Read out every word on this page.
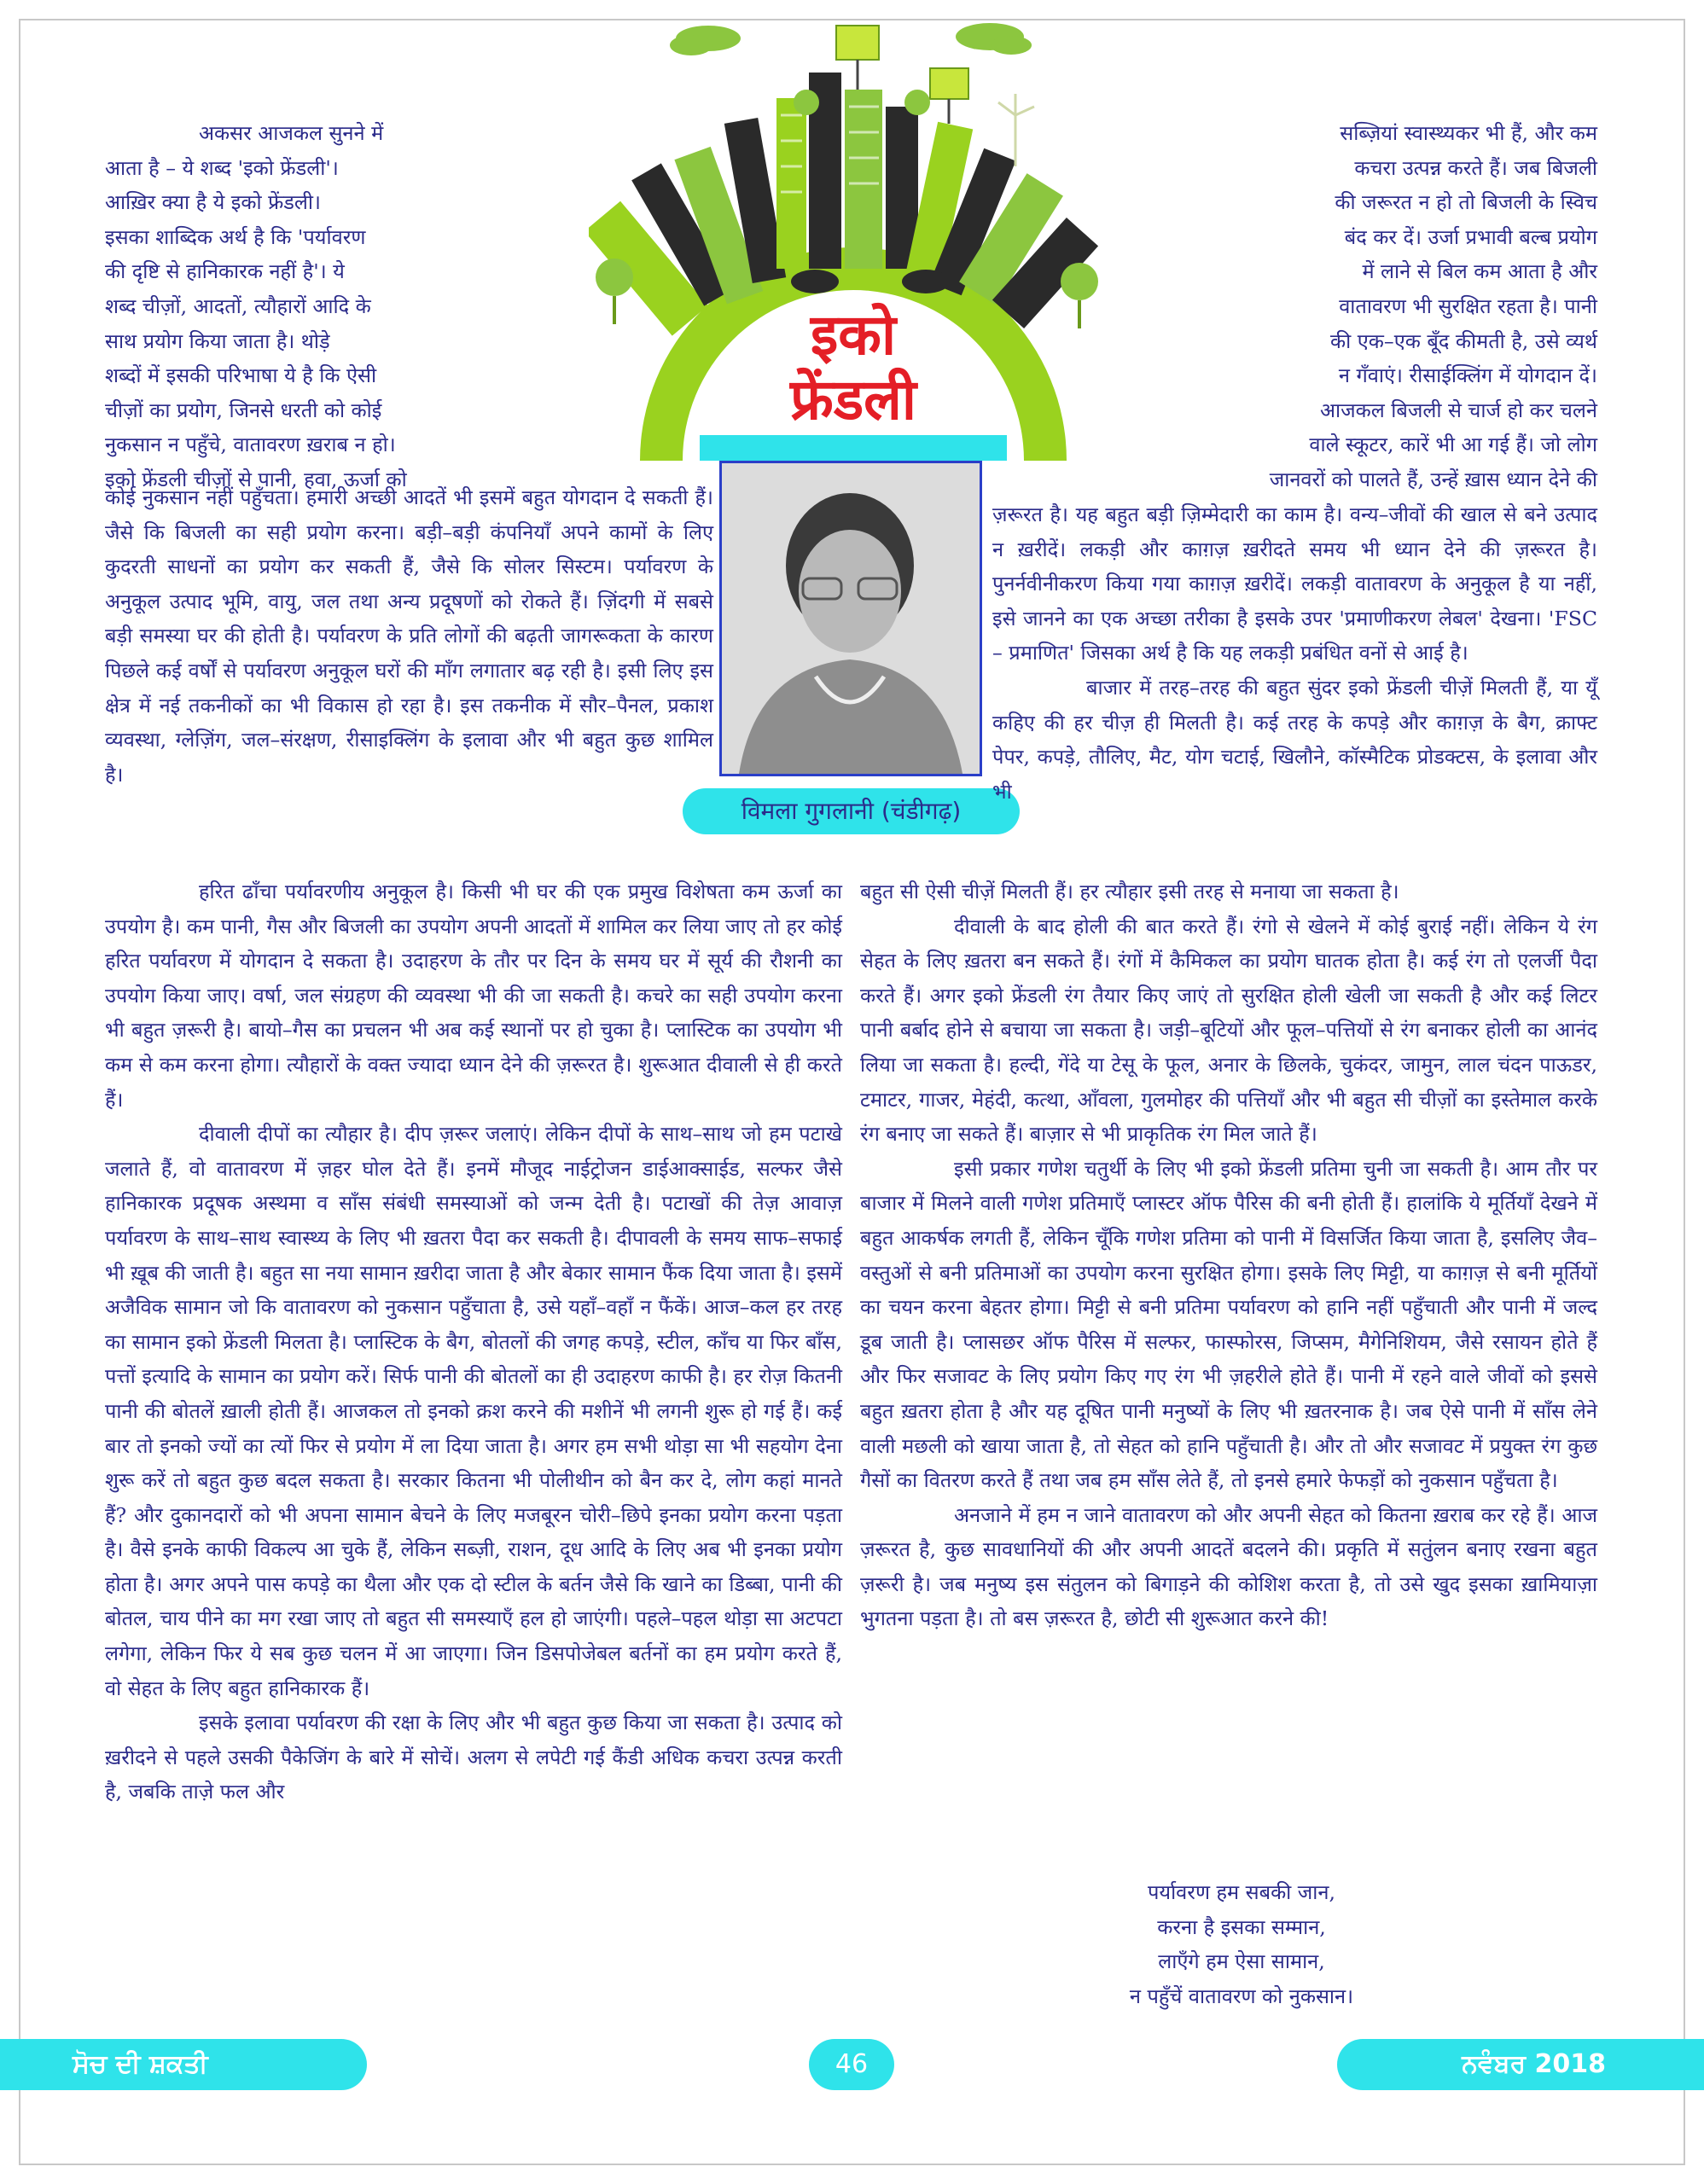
इको
फ्रेंडली
विमला गुगलानी (चंडीगढ़)

अकसर आजकल सुनने में

आता है – ये शब्द 'इको फ्रेंडली'।

आख़िर क्या है ये इको फ्रेंडली।

इसका शाब्दिक अर्थ है कि 'पर्यावरण

की दृष्टि से हानिकारक नहीं है'। ये

शब्द चीज़ों, आदतों, त्यौहारों आदि के

साथ प्रयोग किया जाता है। थोड़े

शब्दों में इसकी परिभाषा ये है कि ऐसी

चीज़ों का प्रयोग, जिनसे धरती को कोई

नुकसान न पहुँचे, वातावरण ख़राब न हो।

इको फ्रेंडली चीज़ों से पानी, हवा, ऊर्जा को

कोई नुकसान नहीं पहुँचता। हमारी अच्छी आदतें भी इसमें बहुत योगदान दे सकती हैं। जैसे कि बिजली का सही प्रयोग करना। बड़ी–बड़ी कंपनियाँ अपने कामों के लिए कुदरती साधनों का प्रयोग कर सकती हैं, जैसे कि सोलर सिस्टम। पर्यावरण के अनुकूल उत्पाद भूमि, वायु, जल तथा अन्य प्रदूषणों को रोकते हैं। ज़िंदगी में सबसे बड़ी समस्या घर की होती है। पर्यावरण के प्रति लोगों की बढ़ती जागरूकता के कारण पिछले कई वर्षों से पर्यावरण अनुकूल घरों की माँग लगातार बढ़ रही है। इसी लिए इस क्षेत्र में नई तकनीकों का भी विकास हो रहा है। इस तकनीक में सौर–पैनल, प्रकाश व्यवस्था, ग्लेज़िंग, जल–संरक्षण, रीसाइक्लिंग के इलावा और भी बहुत कुछ शामिल है।

हरित ढाँचा पर्यावरणीय अनुकूल है। किसी भी घर की एक प्रमुख विशेषता कम ऊर्जा का उपयोग है। कम पानी, गैस और बिजली का उपयोग अपनी आदतों में शामिल कर लिया जाए तो हर कोई हरित पर्यावरण में योगदान दे सकता है। उदाहरण के तौर पर दिन के समय घर में सूर्य की रौशनी का उपयोग किया जाए। वर्षा, जल संग्रहण की व्यवस्था भी की जा सकती है। कचरे का सही उपयोग करना भी बहुत ज़रूरी है। बायो–गैस का प्रचलन भी अब कई स्थानों पर हो चुका है। प्लास्टिक का उपयोग भी कम से कम करना होगा। त्यौहारों के वक्त ज्यादा ध्यान देने की ज़रूरत है। शुरूआत दीवाली से ही करते हैं।

दीवाली दीपों का त्यौहार है। दीप ज़रूर जलाएं। लेकिन दीपों के साथ–साथ जो हम पटाखे जलाते हैं, वो वातावरण में ज़हर घोल देते हैं। इनमें मौजूद नाईट्रोजन डाईआक्साईड, सल्फर जैसे हानिकारक प्रदूषक अस्थमा व साँस संबंधी समस्याओं को जन्म देती है। पटाखों की तेज़ आवाज़ पर्यावरण के साथ–साथ स्वास्थ्य के लिए भी ख़तरा पैदा कर सकती है। दीपावली के समय साफ–सफाई भी ख़ूब की जाती है। बहुत सा नया सामान ख़रीदा जाता है और बेकार सामान फैंक दिया जाता है। इसमें अजैविक सामान जो कि वातावरण को नुकसान पहुँचाता है, उसे यहाँ–वहाँ न फैंकें। आज–कल हर तरह का सामान इको फ्रेंडली मिलता है। प्लास्टिक के बैग, बोतलों की जगह कपड़े, स्टील, काँच या फिर बाँस, पत्तों इत्यादि के सामान का प्रयोग करें। सिर्फ पानी की बोतलों का ही उदाहरण काफी है। हर रोज़ कितनी पानी की बोतलें ख़ाली होती हैं। आजकल तो इनको क्रश करने की मशीनें भी लगनी शुरू हो गई हैं। कई बार तो इनको ज्यों का त्यों फिर से प्रयोग में ला दिया जाता है। अगर हम सभी थोड़ा सा भी सहयोग देना शुरू करें तो बहुत कुछ बदल सकता है। सरकार कितना भी पोलीथीन को बैन कर दे, लोग कहां मानते हैं? और दुकानदारों को भी अपना सामान बेचने के लिए मजबूरन चोरी–छिपे इनका प्रयोग करना पड़ता है। वैसे इनके काफी विकल्प आ चुके हैं, लेकिन सब्ज़ी, राशन, दूध आदि के लिए अब भी इनका प्रयोग होता है। अगर अपने पास कपड़े का थैला और एक दो स्टील के बर्तन जैसे कि खाने का डिब्बा, पानी की बोतल, चाय पीने का मग रखा जाए तो बहुत सी समस्याएँ हल हो जाएंगी। पहले–पहल थोड़ा सा अटपटा लगेगा, लेकिन फिर ये सब कुछ चलन में आ जाएगा। जिन डिसपोजेबल बर्तनों का हम प्रयोग करते हैं, वो सेहत के लिए बहुत हानिकारक हैं।

इसके इलावा पर्यावरण की रक्षा के लिए और भी बहुत कुछ किया जा सकता है। उत्पाद को ख़रीदने से पहले उसकी पैकेजिंग के बारे में सोचें। अलग से लपेटी गई कैंडी अधिक कचरा उत्पन्न करती है, जबकि ताज़े फल और

सब्ज़ियां स्वास्थ्यकर भी हैं, और कम

कचरा उत्पन्न करते हैं। जब बिजली

की जरूरत न हो तो बिजली के स्विच

बंद कर दें। उर्जा प्रभावी बल्ब प्रयोग

में लाने से बिल कम आता है और

वातावरण भी सुरक्षित रहता है। पानी

की एक–एक बूँद कीमती है, उसे व्यर्थ

न गँवाएं। रीसाईक्लिंग में योगदान दें।

आजकल बिजली से चार्ज हो कर चलने

वाले स्कूटर, कारें भी आ गई हैं। जो लोग

जानवरों को पालते हैं, उन्हें ख़ास ध्यान देने की

ज़रूरत है। यह बहुत बड़ी ज़िम्मेदारी का काम है। वन्य–जीवों की खाल से बने उत्पाद न ख़रीदें। लकड़ी और काग़ज़ ख़रीदते समय भी ध्यान देने की ज़रूरत है। पुनर्नवीनीकरण किया गया काग़ज़ ख़रीदें। लकड़ी वातावरण के अनुकूल है या नहीं, इसे जानने का एक अच्छा तरीका है इसके उपर 'प्रमाणीकरण लेबल' देखना। 'FSC – प्रमाणित' जिसका अर्थ है कि यह लकड़ी प्रबंधित वनों से आई है।

बाजार में तरह–तरह की बहुत सुंदर इको फ्रेंडली चीज़ें मिलती हैं, या यूँ कहिए की हर चीज़ ही मिलती है। कई तरह के कपड़े और काग़ज़ के बैग, क्राफ्ट पेपर, कपड़े, तौलिए, मैट, योग चटाई, खिलौने, कॉस्मैटिक प्रोडक्टस, के इलावा और भी

बहुत सी ऐसी चीज़ें मिलती हैं। हर त्यौहार इसी तरह से मनाया जा सकता है।

दीवाली के बाद होली की बात करते हैं। रंगो से खेलने में कोई बुराई नहीं। लेकिन ये रंग सेहत के लिए ख़तरा बन सकते हैं। रंगों में कैमिकल का प्रयोग घातक होता है। कई रंग तो एलर्जी पैदा करते हैं। अगर इको फ्रेंडली रंग तैयार किए जाएं तो सुरक्षित होली खेली जा सकती है और कई लिटर पानी बर्बाद होने से बचाया जा सकता है। जड़ी–बूटियों और फूल–पत्तियों से रंग बनाकर होली का आनंद लिया जा सकता है। हल्दी, गेंदे या टेसू के फूल, अनार के छिलके, चुकंदर, जामुन, लाल चंदन पाऊडर, टमाटर, गाजर, मेहंदी, कत्था, आँवला, गुलमोहर की पत्तियाँ और भी बहुत सी चीज़ों का इस्तेमाल करके रंग बनाए जा सकते हैं। बाज़ार से भी प्राकृतिक रंग मिल जाते हैं।

इसी प्रकार गणेश चतुर्थी के लिए भी इको फ्रेंडली प्रतिमा चुनी जा सकती है। आम तौर पर बाजार में मिलने वाली गणेश प्रतिमाएँ प्लास्टर ऑफ पैरिस की बनी होती हैं। हालांकि ये मूर्तियाँ देखने में बहुत आकर्षक लगती हैं, लेकिन चूँकि गणेश प्रतिमा को पानी में विसर्जित किया जाता है, इसलिए जैव–वस्तुओं से बनी प्रतिमाओं का उपयोग करना सुरक्षित होगा। इसके लिए मिट्टी, या काग़ज़ से बनी मूर्तियों का चयन करना बेहतर होगा। मिट्टी से बनी प्रतिमा पर्यावरण को हानि नहीं पहुँचाती और पानी में जल्द डूब जाती है। प्लासछर ऑफ पैरिस में सल्फर, फास्फोरस, जिप्सम, मैगेनिशियम, जैसे रसायन होते हैं और फिर सजावट के लिए प्रयोग किए गए रंग भी ज़हरीले होते हैं। पानी में रहने वाले जीवों को इससे बहुत ख़तरा होता है और यह दूषित पानी मनुष्यों के लिए भी ख़तरनाक है। जब ऐसे पानी में साँस लेने वाली मछली को खाया जाता है, तो सेहत को हानि पहुँचाती है। और तो और सजावट में प्रयुक्त रंग कुछ गैसों का वितरण करते हैं तथा जब हम साँस लेते हैं, तो इनसे हमारे फेफड़ों को नुकसान पहुँचता है।

अनजाने में हम न जाने वातावरण को और अपनी सेहत को कितना ख़राब कर रहे हैं। आज ज़रूरत है, कुछ सावधानियों की और अपनी आदतें बदलने की। प्रकृति में सतुंलन बनाए रखना बहुत ज़रूरी है। जब मनुष्य इस संतुलन को बिगाड़ने की कोशिश करता है, तो उसे खुद इसका ख़ामियाज़ा भुगतना पड़ता है। तो बस ज़रूरत है, छोटी सी शुरूआत करने की!

पर्यावरण हम सबकी जान,
करना है इसका सम्मान,
लाएँगे हम ऐसा सामान,
न पहुँचें वातावरण को नुकसान।
ਸੋਚ ਦੀ ਸ਼ਕਤੀ	46	ਨਵੰਬਰ 2018
